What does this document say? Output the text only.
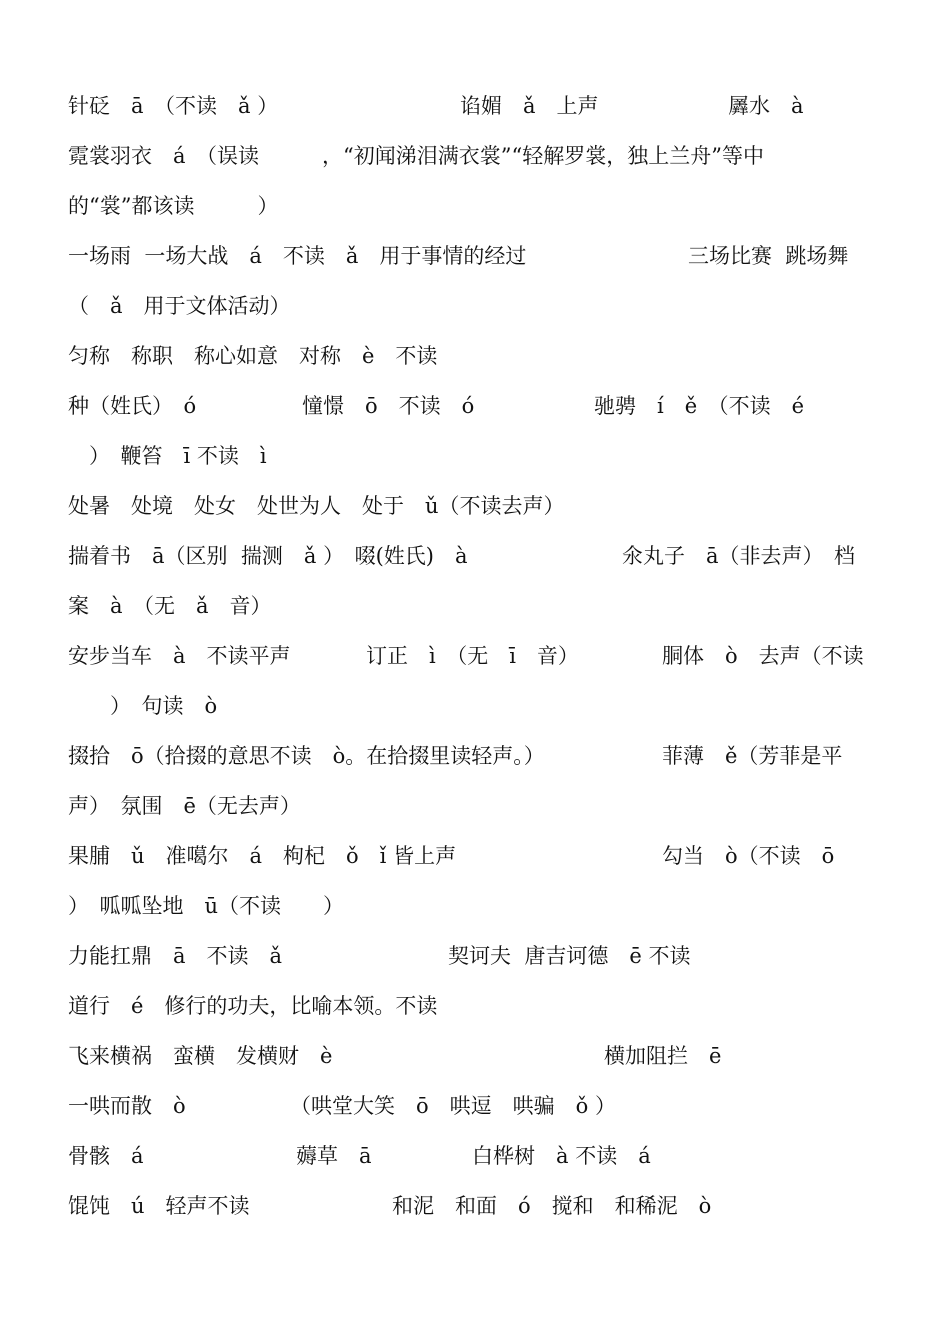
针砭　ā　（不读　ǎ ）

	谄媚　ǎ　上声

	羼水　à

霓裳羽衣　á　（误读　　　，“初闻涕泪满衣裳”“轻解罗裳，独上兰舟”等中

的“裳”都该读　　　）

一场雨  一场大战　á　不读　ǎ　用于事情的经过

	三场比赛  跳场舞

（　ǎ　用于文体活动）

匀称　称职　称心如意　对称　è　不读

种（姓氏）　ó

	憧憬　ō　不读　ó

	驰骋　í　ě　（不读　é

　）　鞭笞　ī 不读　ì

处暑　处境　处女　处世为人　处于　ǔ（不读去声）

揣着书　ā（区别  揣测　ǎ ）　啜(姓氏)　à

	氽丸子　ā（非去声）　档

案　à　（无　ǎ　音）

安步当车　à　不读平声

	订正　ì　（无　ī　音）

	胴体　ò　去声（不读

　　）　句读　ò

掇拾　ō（拾掇的意思不读　ò。在拾掇里读轻声。）

	菲薄　ě（芳菲是平

声）　氛围　ē（无去声）

果脯　ǔ　准噶尔　á　枸杞　ǒ　ǐ 皆上声

	勾当　ò（不读　ō

）　呱呱坠地　ū（不读　　）

力能扛鼎　ā　不读　ǎ

	契诃夫  唐吉诃德　ē 不读

道行　é　修行的功夫，比喻本领。不读

飞来横祸　蛮横　发横财　è

	横加阻拦　ē

一哄而散　ò

	（哄堂大笑　ō　哄逗　哄骗　ǒ ）

骨骸　á

	薅草　ā

	白桦树　à 不读　á

馄饨　ú　轻声不读

	和泥　和面　ó　搅和　和稀泥　ò
